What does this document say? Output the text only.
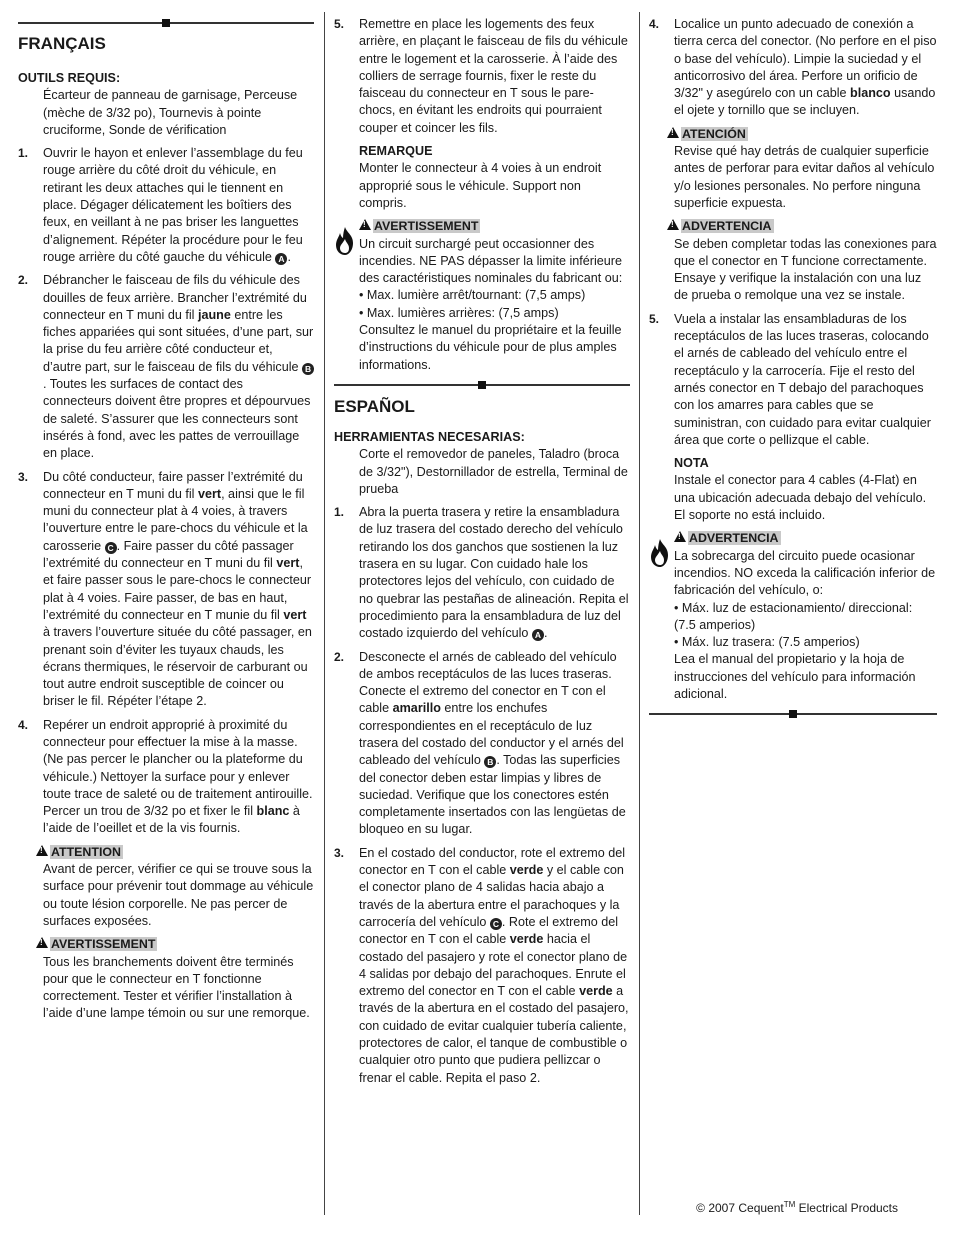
FRANÇAIS

OUTILS REQUIS:

Écarteur de panneau de garnisage, Perceuse (mèche de 3/32 po), Tournevis à pointe cruciforme, Sonde de vérification

1. Ouvrir le hayon et enlever l’assemblage du feu rouge arrière du côté droit du véhicule, en retirant les deux attaches qui le tiennent en place. Dégager délicatement les boîtiers des feux, en veillant à ne pas briser les languettes d’alignement. Répéter la procédure pour le feu rouge arrière du côté gauche du véhicule A .
2. Débrancher le faisceau de fils du véhicule des douilles de feux arrière. Brancher l’extrémité du connecteur en T muni du fil jaune entre les fiches appariées qui sont situées, d’une part, sur la prise du feu arrière côté conducteur et, d’autre part, sur le faisceau de fils du véhicule B. Toutes les surfaces de contact des connecteurs doivent être propres et dépourvues de saleté. S’assurer que les connecteurs sont insérés à fond, avec les pattes de verrouillage en place.
3. Du côté conducteur, faire passer l’extrémité du connecteur en T muni du fil vert, ainsi que le fil muni du connecteur plat à 4 voies, à travers l’ouverture entre le pare-chocs du véhicule et la carosserie C . Faire passer du côté passager l’extrémité du connecteur en T muni du fil vert, et faire passer sous le pare-chocs le connecteur plat à 4 voies. Faire passer, de bas en haut, l’extrémité du connecteur en T munie du fil vert à travers l’ouverture située du côté passager, en prenant soin d’éviter les tuyaux chauds, les écrans thermiques, le réservoir de carburant ou tout autre endroit susceptible de coincer ou briser le fil. Répéter l’étape 2.
4. Repérer un endroit approprié à proximité du connecteur pour effectuer la mise à la masse. (Ne pas percer le plancher ou la plateforme du véhicule.) Nettoyer la surface pour y enlever toute trace de saleté ou de traitement antirouille. Percer un trou de 3/32 po et fixer le fil blanc à l’aide de l’oeillet et de la vis fournis.
!
ATTENTION

Avant de percer, vérifier ce qui se trouve sous la surface pour prévenir tout dommage au véhicule ou toute lésion corporelle. Ne pas percer de surfaces exposées.

!
AVERTISSEMENT

Tous les branchements doivent être terminés pour que le connecteur en T fonctionne correctement. Tester et vérifier l’installation à l’aide d’une lampe témoin ou sur une remorque.

5. Remettre en place les logements des feux arrière, en plaçant le faisceau de fils du véhicule entre le logement et la carosserie. À l’aide des colliers de serrage fournis, fixer le reste du faisceau du connecteur en T sous le pare-chocs, en évitant les endroits qui pourraient couper et coincer les fils.

REMARQUE

Monter le connecteur à 4 voies à un endroit approprié sous le véhicule. Support non compris.

!
AVERTISSEMENT

Un circuit surchargé peut occasionner des incendies. NE PAS dépasser la limite inférieure des caractéristiques nominales du fabricant ou:

• Max. lumière arrêt/tournant: (7,5 amps)

• Max. lumières arrières: (7,5 amps)

Consultez le manuel du propriétaire et la feuille d’instructions du véhicule pour de plus amples informations.

ESPAÑOL

HERRAMIENTAS NECESARIAS:

Corte el removedor de paneles, Taladro (broca de 3/32"), Destornillador de estrella, Terminal de prueba

1. Abra la puerta trasera y retire la ensambladura de luz trasera del costado derecho del vehículo retirando los dos ganchos que sostienen la luz trasera en su lugar. Con cuidado hale los protectores lejos del vehículo, con cuidado de no quebrar las pestañas de alineación. Repita el procedimiento para la ensambladura de luz del costado izquierdo del vehículo A .
2. Desconecte el arnés de cableado del vehículo de ambos receptáculos de las luces traseras. Conecte el extremo del conector en T con el cable amarillo entre los enchufes correspondientes en el receptáculo de luz trasera del costado del conductor y el arnés del cableado del vehículo B . Todas las superficies del conector deben estar limpias y libres de suciedad. Verifique que los conectores estén completamente insertados con las lengüetas de bloqueo en su lugar.
3. En el costado del conductor, rote el extremo del conector en T con el cable verde y el cable con el conector plano de 4 salidas hacia abajo a través de la abertura entre el parachoques y la carrocería del vehículo C . Rote el extremo del conector en T con el cable verde hacia el costado del pasajero y rote el conector plano de 4 salidas por debajo del parachoques. Enrute el extremo del conector en T con el cable verde a través de la abertura en el costado del pasajero, con cuidado de evitar cualquier tubería caliente, protectores de calor, el tanque de combustible o cualquier otro punto que pudiera pellizcar o frenar el cable. Repita el paso 2.
4. Localice un punto adecuado de conexión a tierra cerca del conector. (No perfore en el piso o base del vehículo). Limpie la suciedad y el anticorrosivo del área. Perfore un orificio de 3/32" y asegúrelo con un cable blanco usando el ojete y tornillo que se incluyen.
!
ATENCIÓN

Revise qué hay detrás de cualquier superficie antes de perforar para evitar daños al vehículo y/o lesiones personales. No perfore ninguna superficie expuesta.

!
ADVERTENCIA

Se deben completar todas las conexiones para que el conector en T funcione correctamente. Ensaye y verifique la instalación con una luz de prueba o remolque una vez se instale.

5. Vuela a instalar las ensambladuras de los receptáculos de las luces traseras, colocando el arnés de cableado del vehículo entre el receptáculo y la carrocería. Fije el resto del arnés conector en T debajo del parachoques con los amarres para cables que se suministran, con cuidado para evitar cualquier área que corte o pellizque el cable.

NOTA

Instale el conector para 4 cables (4-Flat) en una ubicación adecuada debajo del vehículo. El soporte no está incluido.

!
ADVERTENCIA

La sobrecarga del circuito puede ocasionar incendios. NO exceda la calificación inferior de fabricación del vehículo, o:

• Máx. luz de estacionamiento/ direccional: (7.5 amperios)

• Máx. luz trasera: (7.5 amperios)

Lea el manual del propietario y la hoja de instrucciones del vehículo para información adicional.

© 2007 Cequent™ Electrical Products
